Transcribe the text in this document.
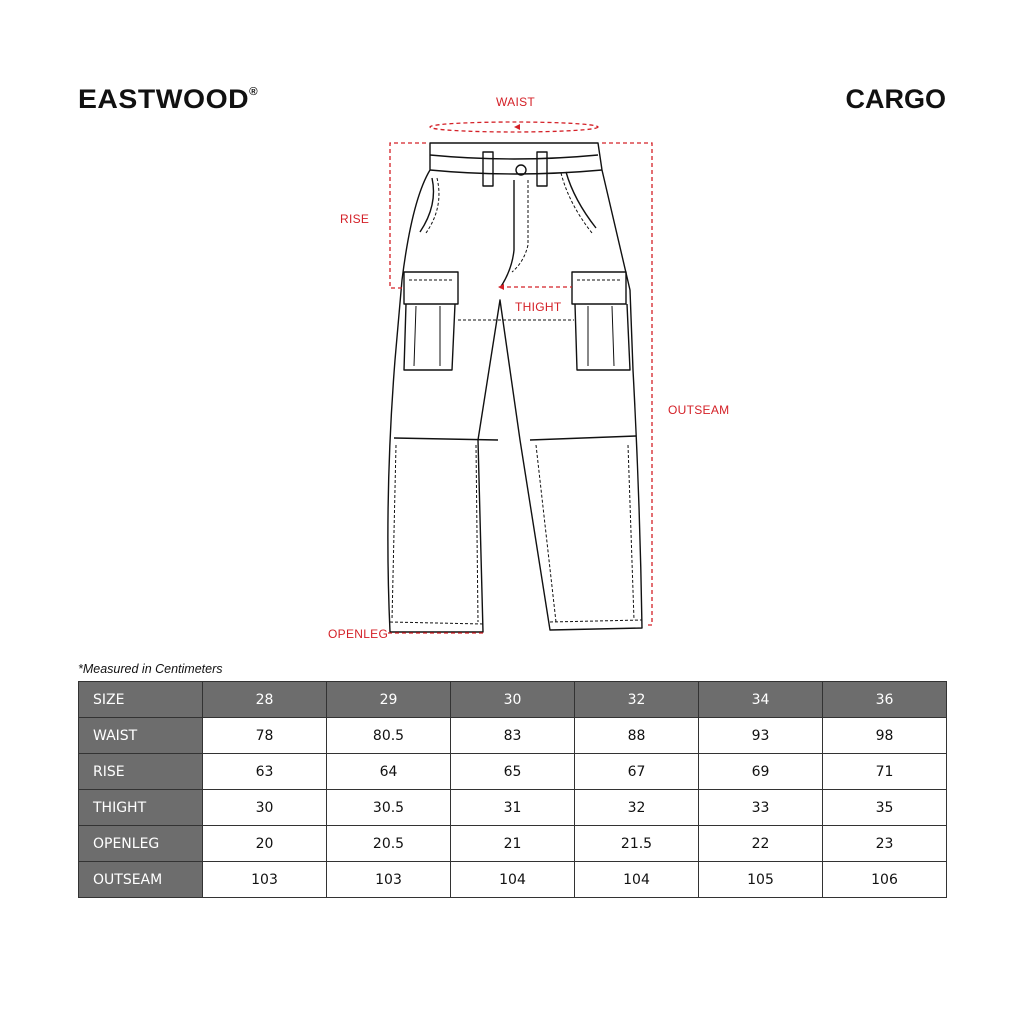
EASTWOOD®	CARGO
WAIST
RISE
THIGHT
OUTSEAM
OPENLEG
*Measured in Centimeters
SIZE	28	29	30	32	34	36
WAIST	78	80.5	83	88	93	98
RISE	63	64	65	67	69	71
THIGHT	30	30.5	31	32	33	35
OPENLEG	20	20.5	21	21.5	22	23
OUTSEAM	103	103	104	104	105	106
